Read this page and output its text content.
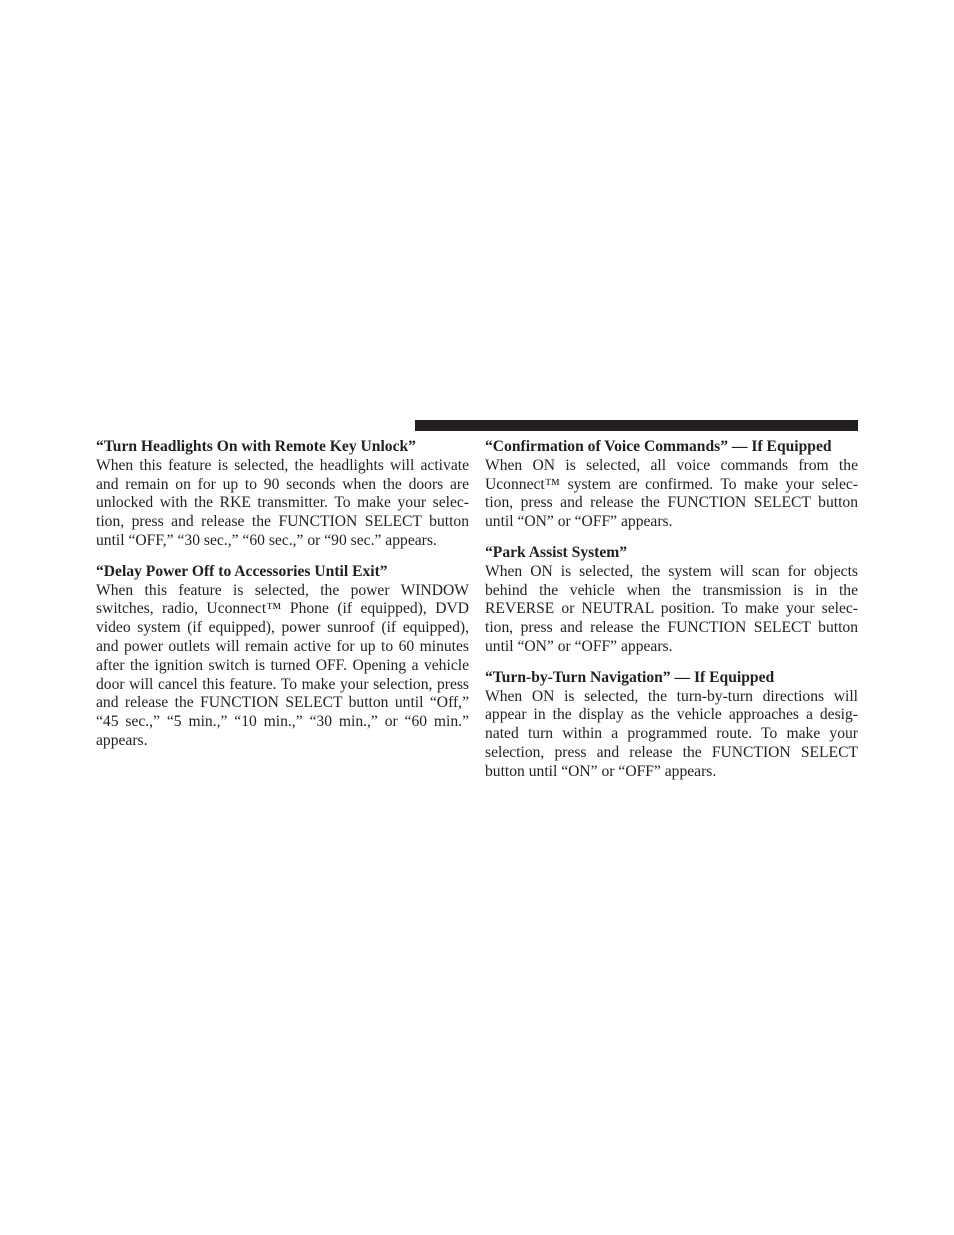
“Turn Headlights On with Remote Key Unlock”

When this feature is selected, the headlights will activate and remain on for up to 90 seconds when the doors are unlocked with the RKE transmitter. To make your selec-tion, press and release the FUNCTION SELECT button until “OFF,” “30 sec.,” “60 sec.,” or “90 sec.” appears.

“Delay Power Off to Accessories Until Exit”

When this feature is selected, the power WINDOW switches, radio, Uconnect™ Phone (if equipped), DVD video system (if equipped), power sunroof (if equipped), and power outlets will remain active for up to 60 minutes after the ignition switch is turned OFF. Opening a vehicle door will cancel this feature. To make your selection, press and release the FUNCTION SELECT button until “Off,” “45 sec.,” “5 min.,” “10 min.,” “30 min.,” or “60 min.” appears.

“Confirmation of Voice Commands” — If Equipped

When ON is selected, all voice commands from the Uconnect™ system are confirmed. To make your selec-tion, press and release the FUNCTION SELECT button until “ON” or “OFF” appears.

“Park Assist System”

When ON is selected, the system will scan for objects behind the vehicle when the transmission is in the REVERSE or NEUTRAL position. To make your selec-tion, press and release the FUNCTION SELECT button until “ON” or “OFF” appears.

“Turn-by-Turn Navigation” — If Equipped

When ON is selected, the turn-by-turn directions will appear in the display as the vehicle approaches a desig-nated turn within a programmed route. To make your selection, press and release the FUNCTION SELECT button until “ON” or “OFF” appears.
